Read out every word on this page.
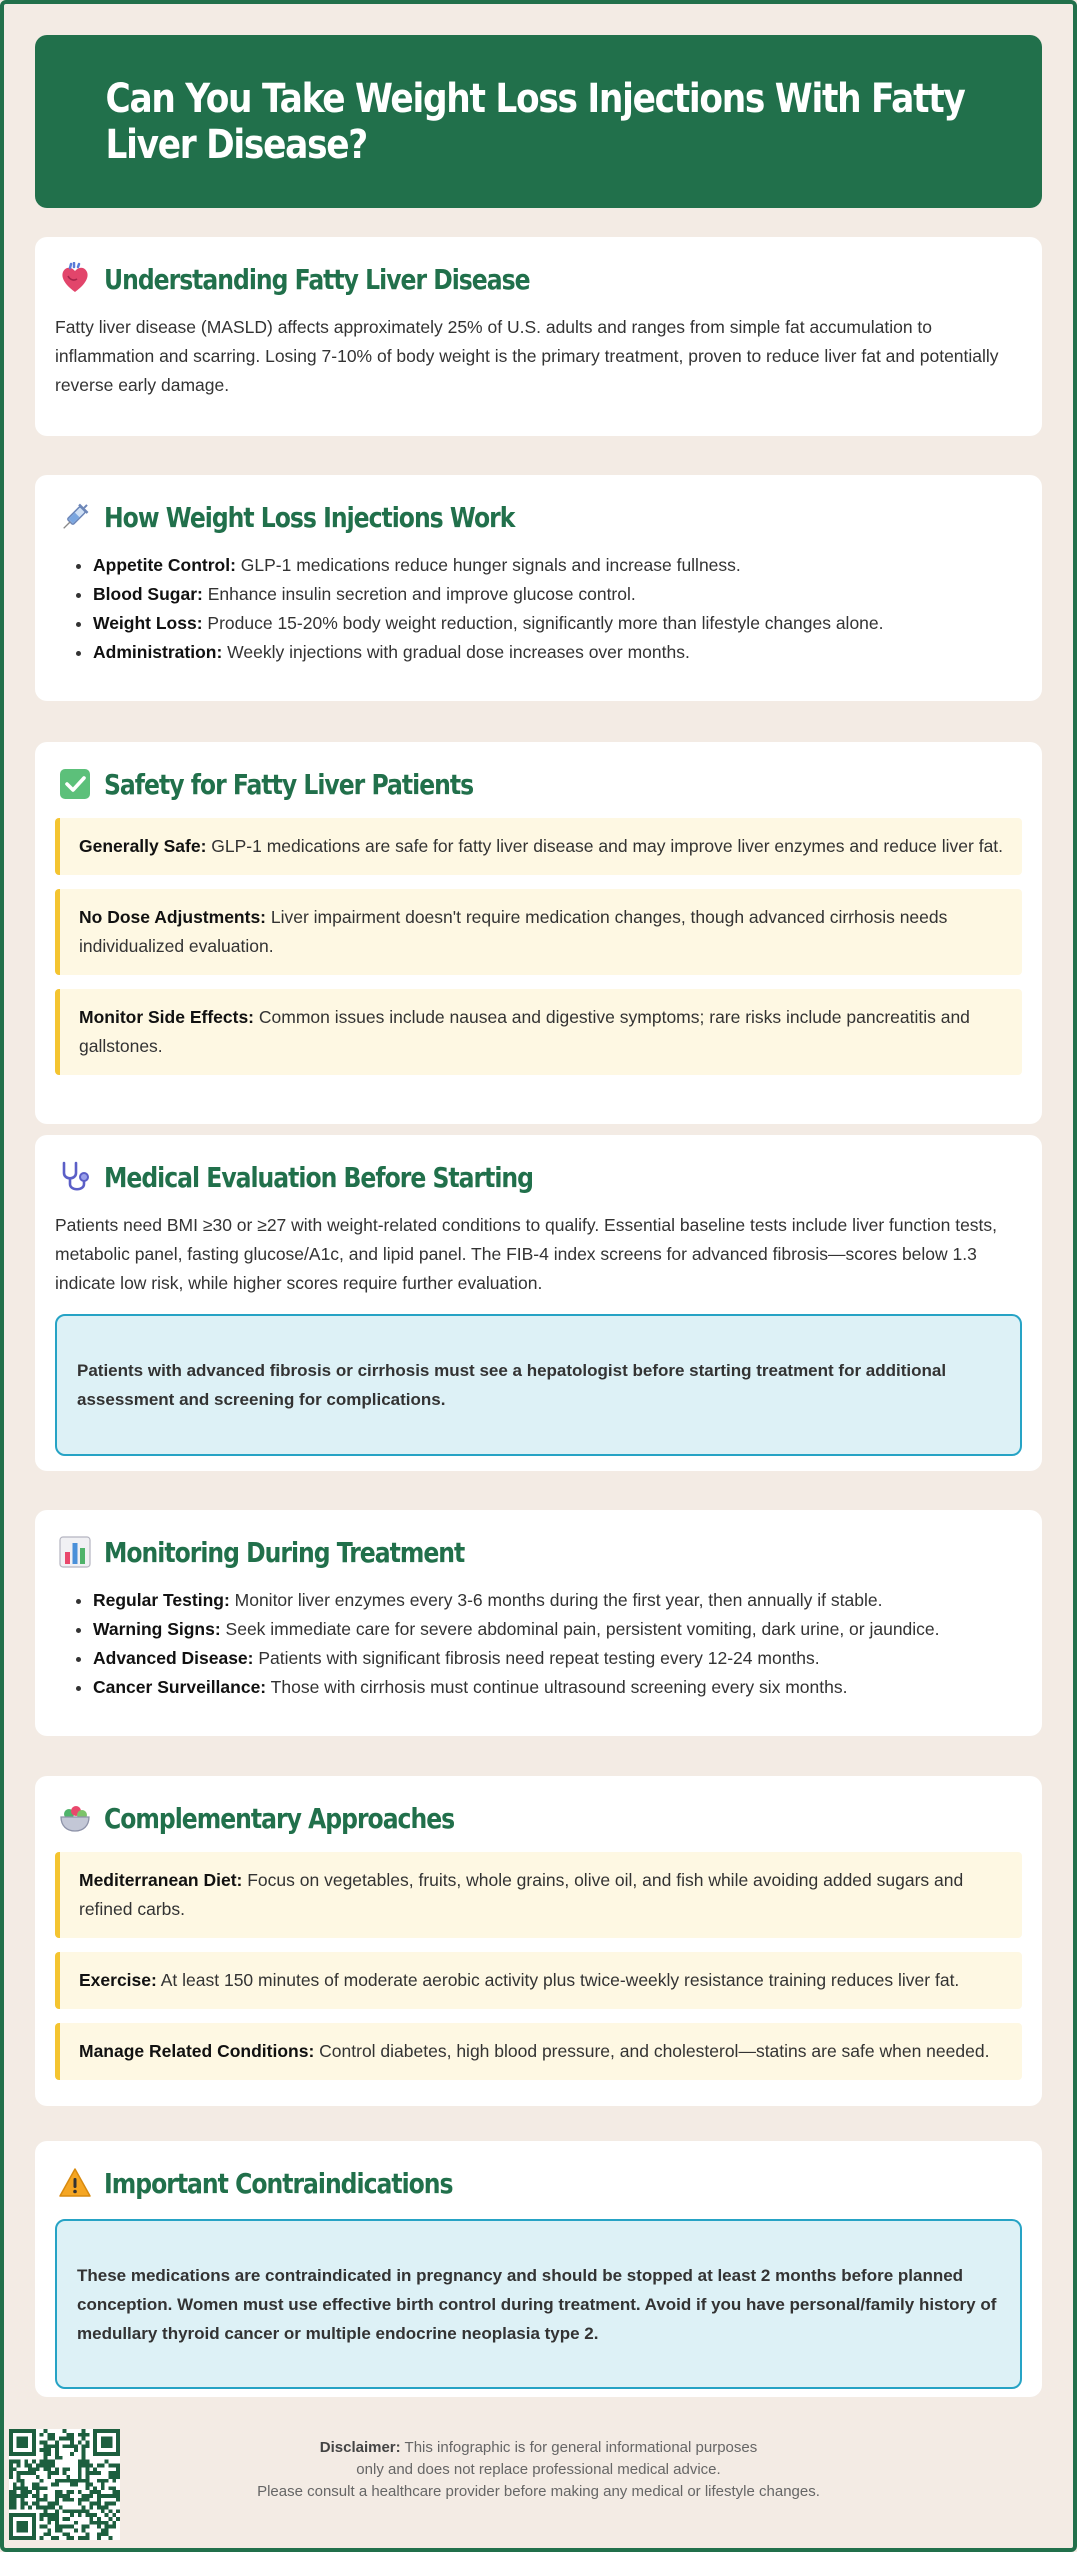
Can You Take Weight Loss Injections With Fatty Liver Disease?
Understanding Fatty Liver Disease

Fatty liver disease (MASLD) affects approximately 25% of U.S. adults and ranges from simple fat accumulation to inflammation and scarring. Losing 7-10% of body weight is the primary treatment, proven to reduce liver fat and potentially reverse early damage.

How Weight Loss Injections Work
• Appetite Control: GLP-1 medications reduce hunger signals and increase fullness.
• Blood Sugar: Enhance insulin secretion and improve glucose control.
• Weight Loss: Produce 15-20% body weight reduction, significantly more than lifestyle changes alone.
• Administration: Weekly injections with gradual dose increases over months.
Safety for Fatty Liver Patients
Generally Safe: GLP-1 medications are safe for fatty liver disease and may improve liver enzymes and reduce liver fat.
No Dose Adjustments: Liver impairment doesn't require medication changes, though advanced cirrhosis needs individualized evaluation.
Monitor Side Effects: Common issues include nausea and digestive symptoms; rare risks include pancreatitis and gallstones.
Medical Evaluation Before Starting

Patients need BMI ≥30 or ≥27 with weight-related conditions to qualify. Essential baseline tests include liver function tests, metabolic panel, fasting glucose/A1c, and lipid panel. The FIB-4 index screens for advanced fibrosis—scores below 1.3 indicate low risk, while higher scores require further evaluation.

Patients with advanced fibrosis or cirrhosis must see a hepatologist before starting treatment for additional assessment and screening for complications.
Monitoring During Treatment
• Regular Testing: Monitor liver enzymes every 3-6 months during the first year, then annually if stable.
• Warning Signs: Seek immediate care for severe abdominal pain, persistent vomiting, dark urine, or jaundice.
• Advanced Disease: Patients with significant fibrosis need repeat testing every 12-24 months.
• Cancer Surveillance: Those with cirrhosis must continue ultrasound screening every six months.
Complementary Approaches
Mediterranean Diet: Focus on vegetables, fruits, whole grains, olive oil, and fish while avoiding added sugars and refined carbs.
Exercise: At least 150 minutes of moderate aerobic activity plus twice-weekly resistance training reduces liver fat.
Manage Related Conditions: Control diabetes, high blood pressure, and cholesterol—statins are safe when needed.
Important Contraindications
These medications are contraindicated in pregnancy and should be stopped at least 2 months before planned conception. Women must use effective birth control during treatment. Avoid if you have personal/family history of medullary thyroid cancer or multiple endocrine neoplasia type 2.
Disclaimer: This infographic is for general informational purposes
only and does not replace professional medical advice.
Please consult a healthcare provider before making any medical or lifestyle changes.
